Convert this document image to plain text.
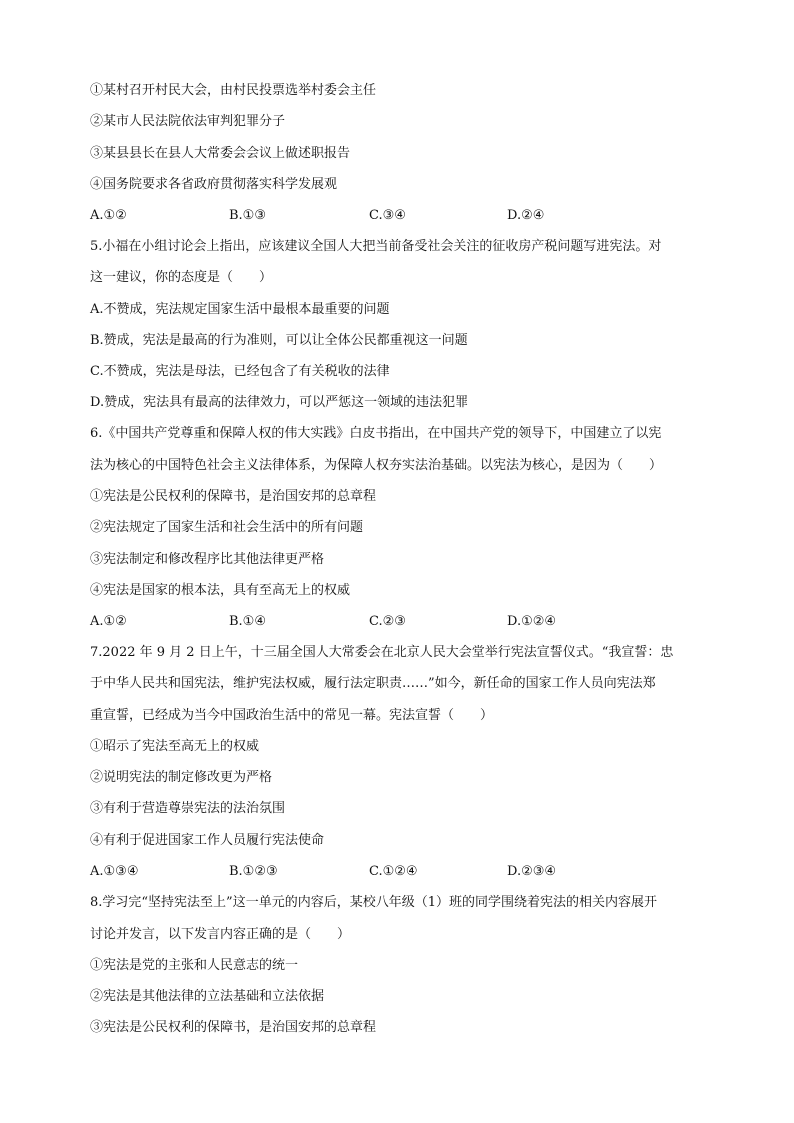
①某村召开村民大会，由村民投票选举村委会主任
②某市人民法院依法审判犯罪分子
③某县县长在县人大常委会会议上做述职报告
④国务院要求各省政府贯彻落实科学发展观
A.①②	B.①③	C.③④	D.②④
5.小福在小组讨论会上指出，应该建议全国人大把当前备受社会关注的征收房产税问题写进宪法。对
这一建议，你的态度是（　　）
A.不赞成，宪法规定国家生活中最根本最重要的问题
B.赞成，宪法是最高的行为准则，可以让全体公民都重视这一问题
C.不赞成，宪法是母法，已经包含了有关税收的法律
D.赞成，宪法具有最高的法律效力，可以严惩这一领域的违法犯罪
6.《中国共产党尊重和保障人权的伟大实践》白皮书指出，在中国共产党的领导下，中国建立了以宪
法为核心的中国特色社会主义法律体系，为保障人权夯实法治基础。以宪法为核心，是因为（　　）
①宪法是公民权利的保障书，是治国安邦的总章程
②宪法规定了国家生活和社会生活中的所有问题
③宪法制定和修改程序比其他法律更严格
④宪法是国家的根本法，具有至高无上的权威
A.①②	B.①④	C.②③	D.①②④
7.2022 年 9 月 2 日上午，十三届全国人大常委会在北京人民大会堂举行宪法宣誓仪式。“我宣誓：忠
于中华人民共和国宪法，维护宪法权威，履行法定职责……”如今，新任命的国家工作人员向宪法郑
重宣誓，已经成为当今中国政治生活中的常见一幕。宪法宣誓（　　）
①昭示了宪法至高无上的权威
②说明宪法的制定修改更为严格
③有利于营造尊崇宪法的法治氛围
④有利于促进国家工作人员履行宪法使命
A.①③④	B.①②③	C.①②④	D.②③④
8.学习完“坚持宪法至上”这一单元的内容后，某校八年级（1）班的同学围绕着宪法的相关内容展开
讨论并发言，以下发言内容正确的是（　　）
①宪法是党的主张和人民意志的统一
②宪法是其他法律的立法基础和立法依据
③宪法是公民权利的保障书，是治国安邦的总章程
